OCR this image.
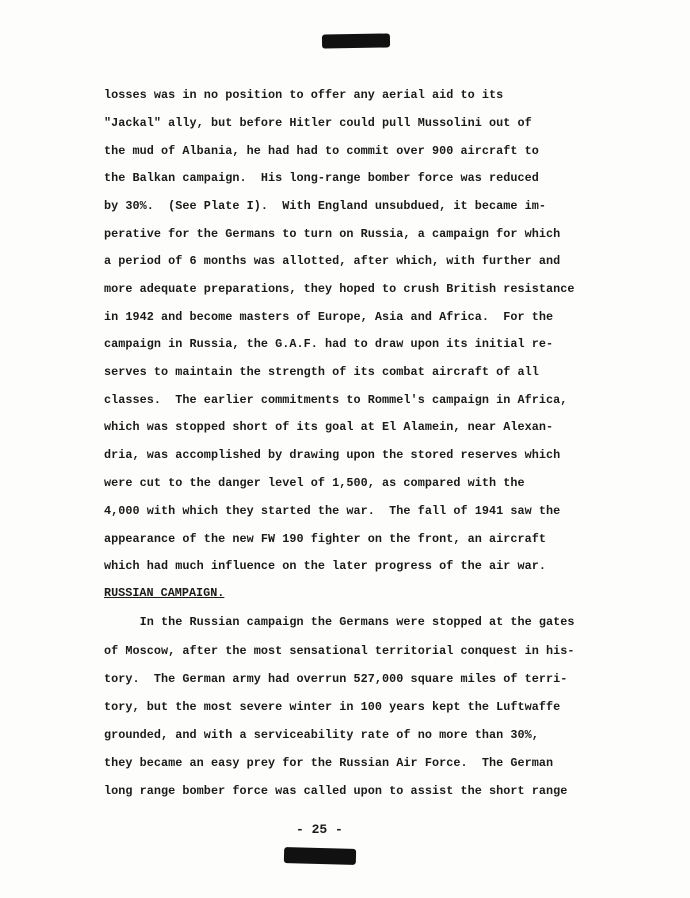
losses was in no position to offer any aerial aid to its
"Jackal" ally, but before Hitler could pull Mussolini out of
the mud of Albania, he had had to commit over 900 aircraft to
the Balkan campaign.  His long-range bomber force was reduced
by 30%.  (See Plate I).  With England unsubdued, it became im-
perative for the Germans to turn on Russia, a campaign for which
a period of 6 months was allotted, after which, with further and
more adequate preparations, they hoped to crush British resistance
in 1942 and become masters of Europe, Asia and Africa.  For the
campaign in Russia, the G.A.F. had to draw upon its initial re-
serves to maintain the strength of its combat aircraft of all
classes.  The earlier commitments to Rommel's campaign in Africa,
which was stopped short of its goal at El Alamein, near Alexan-
dria, was accomplished by drawing upon the stored reserves which
were cut to the danger level of 1,500, as compared with the
4,000 with which they started the war.  The fall of 1941 saw the
appearance of the new FW 190 fighter on the front, an aircraft
which had much influence on the later progress of the air war.
RUSSIAN CAMPAIGN.
In the Russian campaign the Germans were stopped at the gates
of Moscow, after the most sensational territorial conquest in his-
tory.  The German army had overrun 527,000 square miles of terri-
tory, but the most severe winter in 100 years kept the Luftwaffe
grounded, and with a serviceability rate of no more than 30%,
they became an easy prey for the Russian Air Force.  The German
long range bomber force was called upon to assist the short range
- 25 -
